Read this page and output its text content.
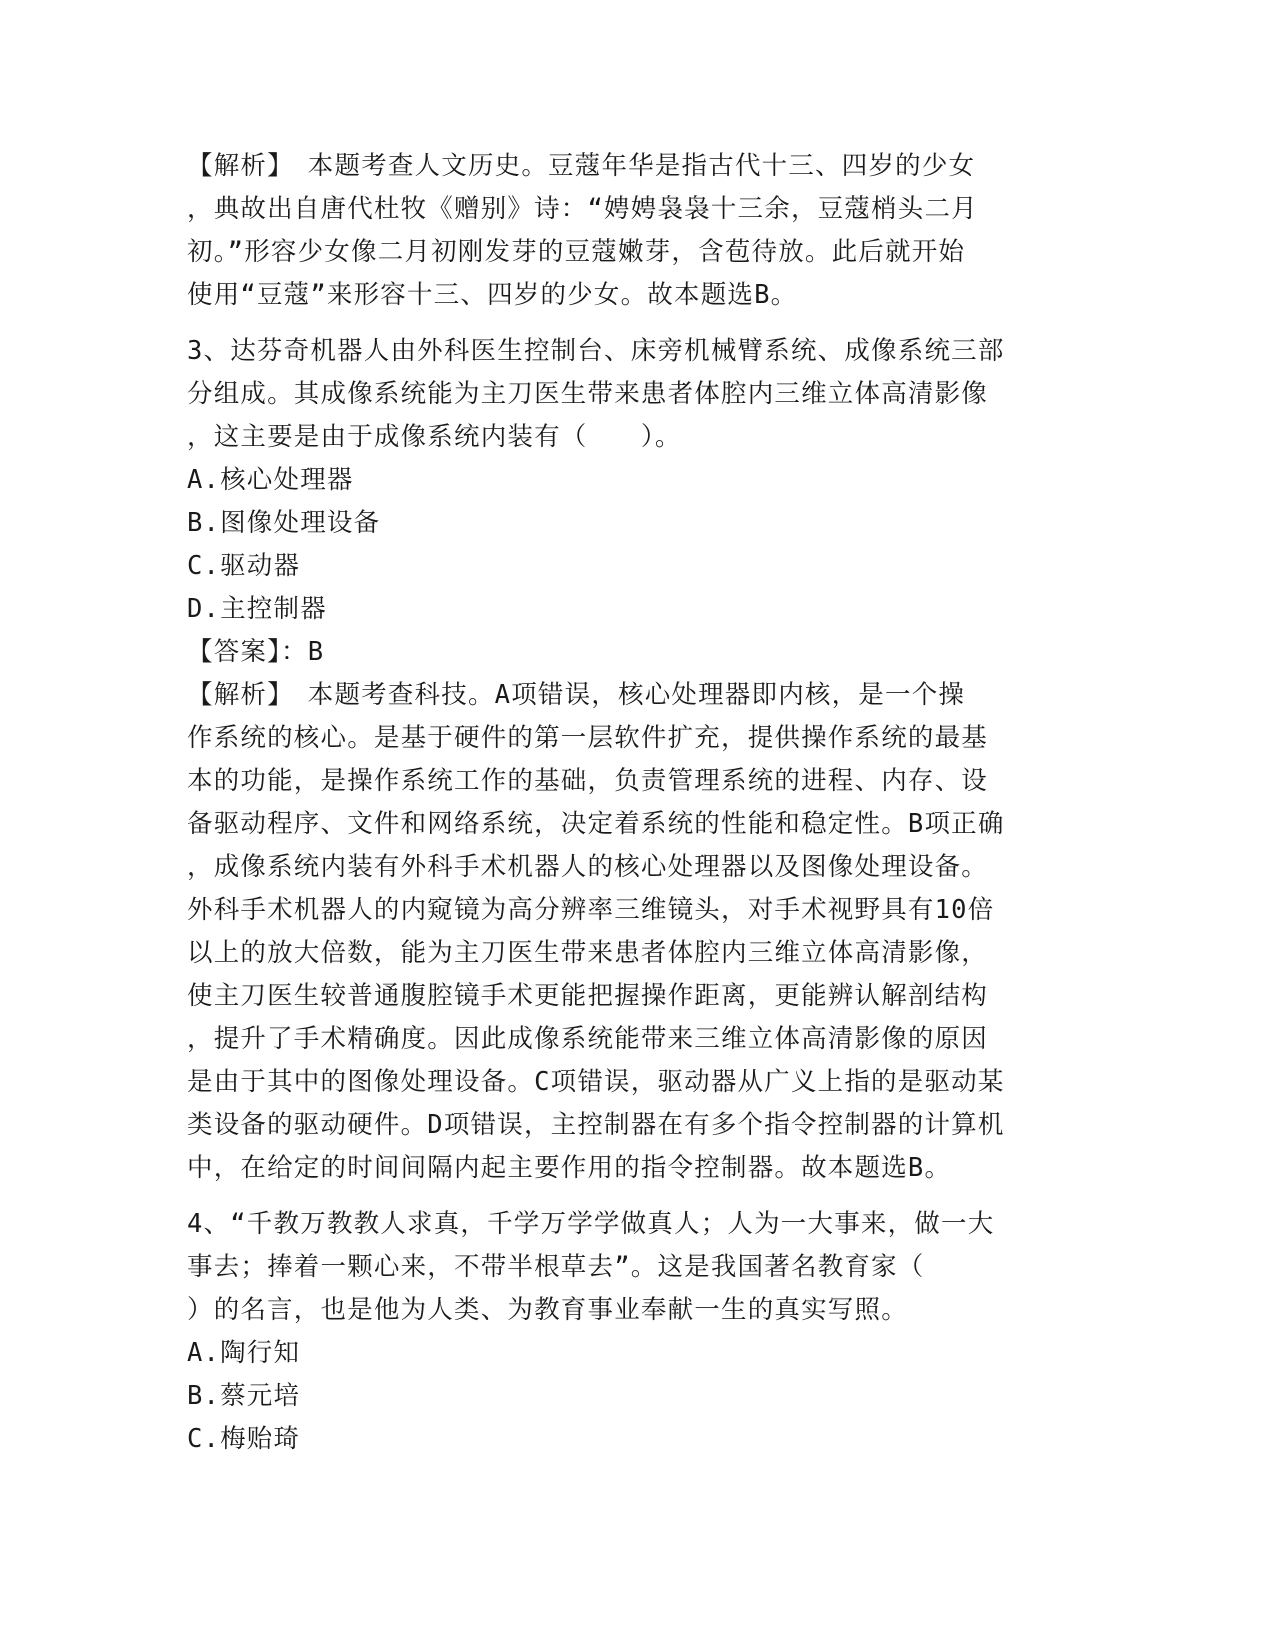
【解析】　本题考查人文历史。豆蔻年华是指古代十三、四岁的少女
，典故出自唐代杜牧《赠别》诗：“娉娉袅袅十三余，豆蔻梢头二月
初。”形容少女像二月初刚发芽的豆蔻嫩芽，含苞待放。此后就开始
使用“豆蔻”来形容十三、四岁的少女。故本题选B。
3、达芬奇机器人由外科医生控制台、床旁机械臂系统、成像系统三部
分组成。其成像系统能为主刀医生带来患者体腔内三维立体高清影像
，这主要是由于成像系统内装有（　　）。
A.核心处理器
B.图像处理设备
C.驱动器
D.主控制器
【答案】：B
【解析】　本题考查科技。A项错误，核心处理器即内核，是一个操
作系统的核心。是基于硬件的第一层软件扩充，提供操作系统的最基
本的功能，是操作系统工作的基础，负责管理系统的进程、内存、设
备驱动程序、文件和网络系统，决定着系统的性能和稳定性。B项正确
，成像系统内装有外科手术机器人的核心处理器以及图像处理设备。
外科手术机器人的内窥镜为高分辨率三维镜头，对手术视野具有10倍
以上的放大倍数，能为主刀医生带来患者体腔内三维立体高清影像，
使主刀医生较普通腹腔镜手术更能把握操作距离，更能辨认解剖结构
，提升了手术精确度。因此成像系统能带来三维立体高清影像的原因
是由于其中的图像处理设备。C项错误，驱动器从广义上指的是驱动某
类设备的驱动硬件。D项错误，主控制器在有多个指令控制器的计算机
中，在给定的时间间隔内起主要作用的指令控制器。故本题选B。
4、“千教万教教人求真，千学万学学做真人；人为一大事来，做一大
事去；捧着一颗心来，不带半根草去”。这是我国著名教育家（
）的名言，也是他为人类、为教育事业奉献一生的真实写照。
A.陶行知
B.蔡元培
C.梅贻琦
